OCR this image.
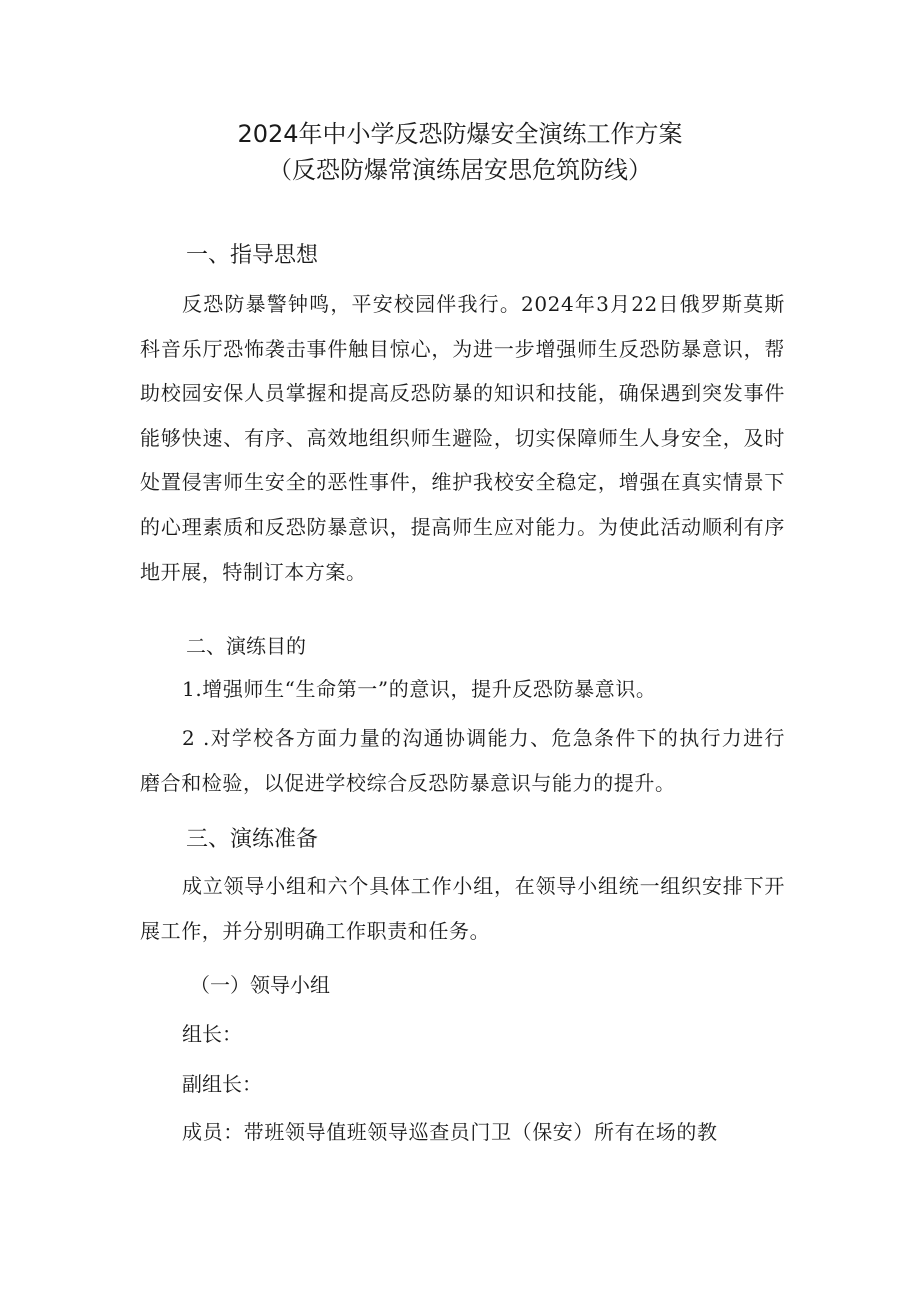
2024年中小学反恐防爆安全演练工作方案
（反恐防爆常演练居安思危筑防线）
一、指导思想
反恐防暴警钟鸣，平安校园伴我行。2024年3月22日俄罗斯莫斯科音乐厅恐怖袭击事件触目惊心，为进一步增强师生反恐防暴意识，帮助校园安保人员掌握和提高反恐防暴的知识和技能，确保遇到突发事件能够快速、有序、高效地组织师生避险，切实保障师生人身安全，及时处置侵害师生安全的恶性事件，维护我校安全稳定，增强在真实情景下的心理素质和反恐防暴意识，提高师生应对能力。为使此活动顺利有序地开展，特制订本方案。
二、演练目的
1.增强师生“生命第一”的意识，提升反恐防暴意识。
2 .对学校各方面力量的沟通协调能力、危急条件下的执行力进行磨合和检验，以促进学校综合反恐防暴意识与能力的提升。
三、演练准备
成立领导小组和六个具体工作小组，在领导小组统一组织安排下开展工作，并分别明确工作职责和任务。
（一）领导小组
组长：
副组长：
成员：带班领导值班领导巡查员门卫（保安）所有在场的教
